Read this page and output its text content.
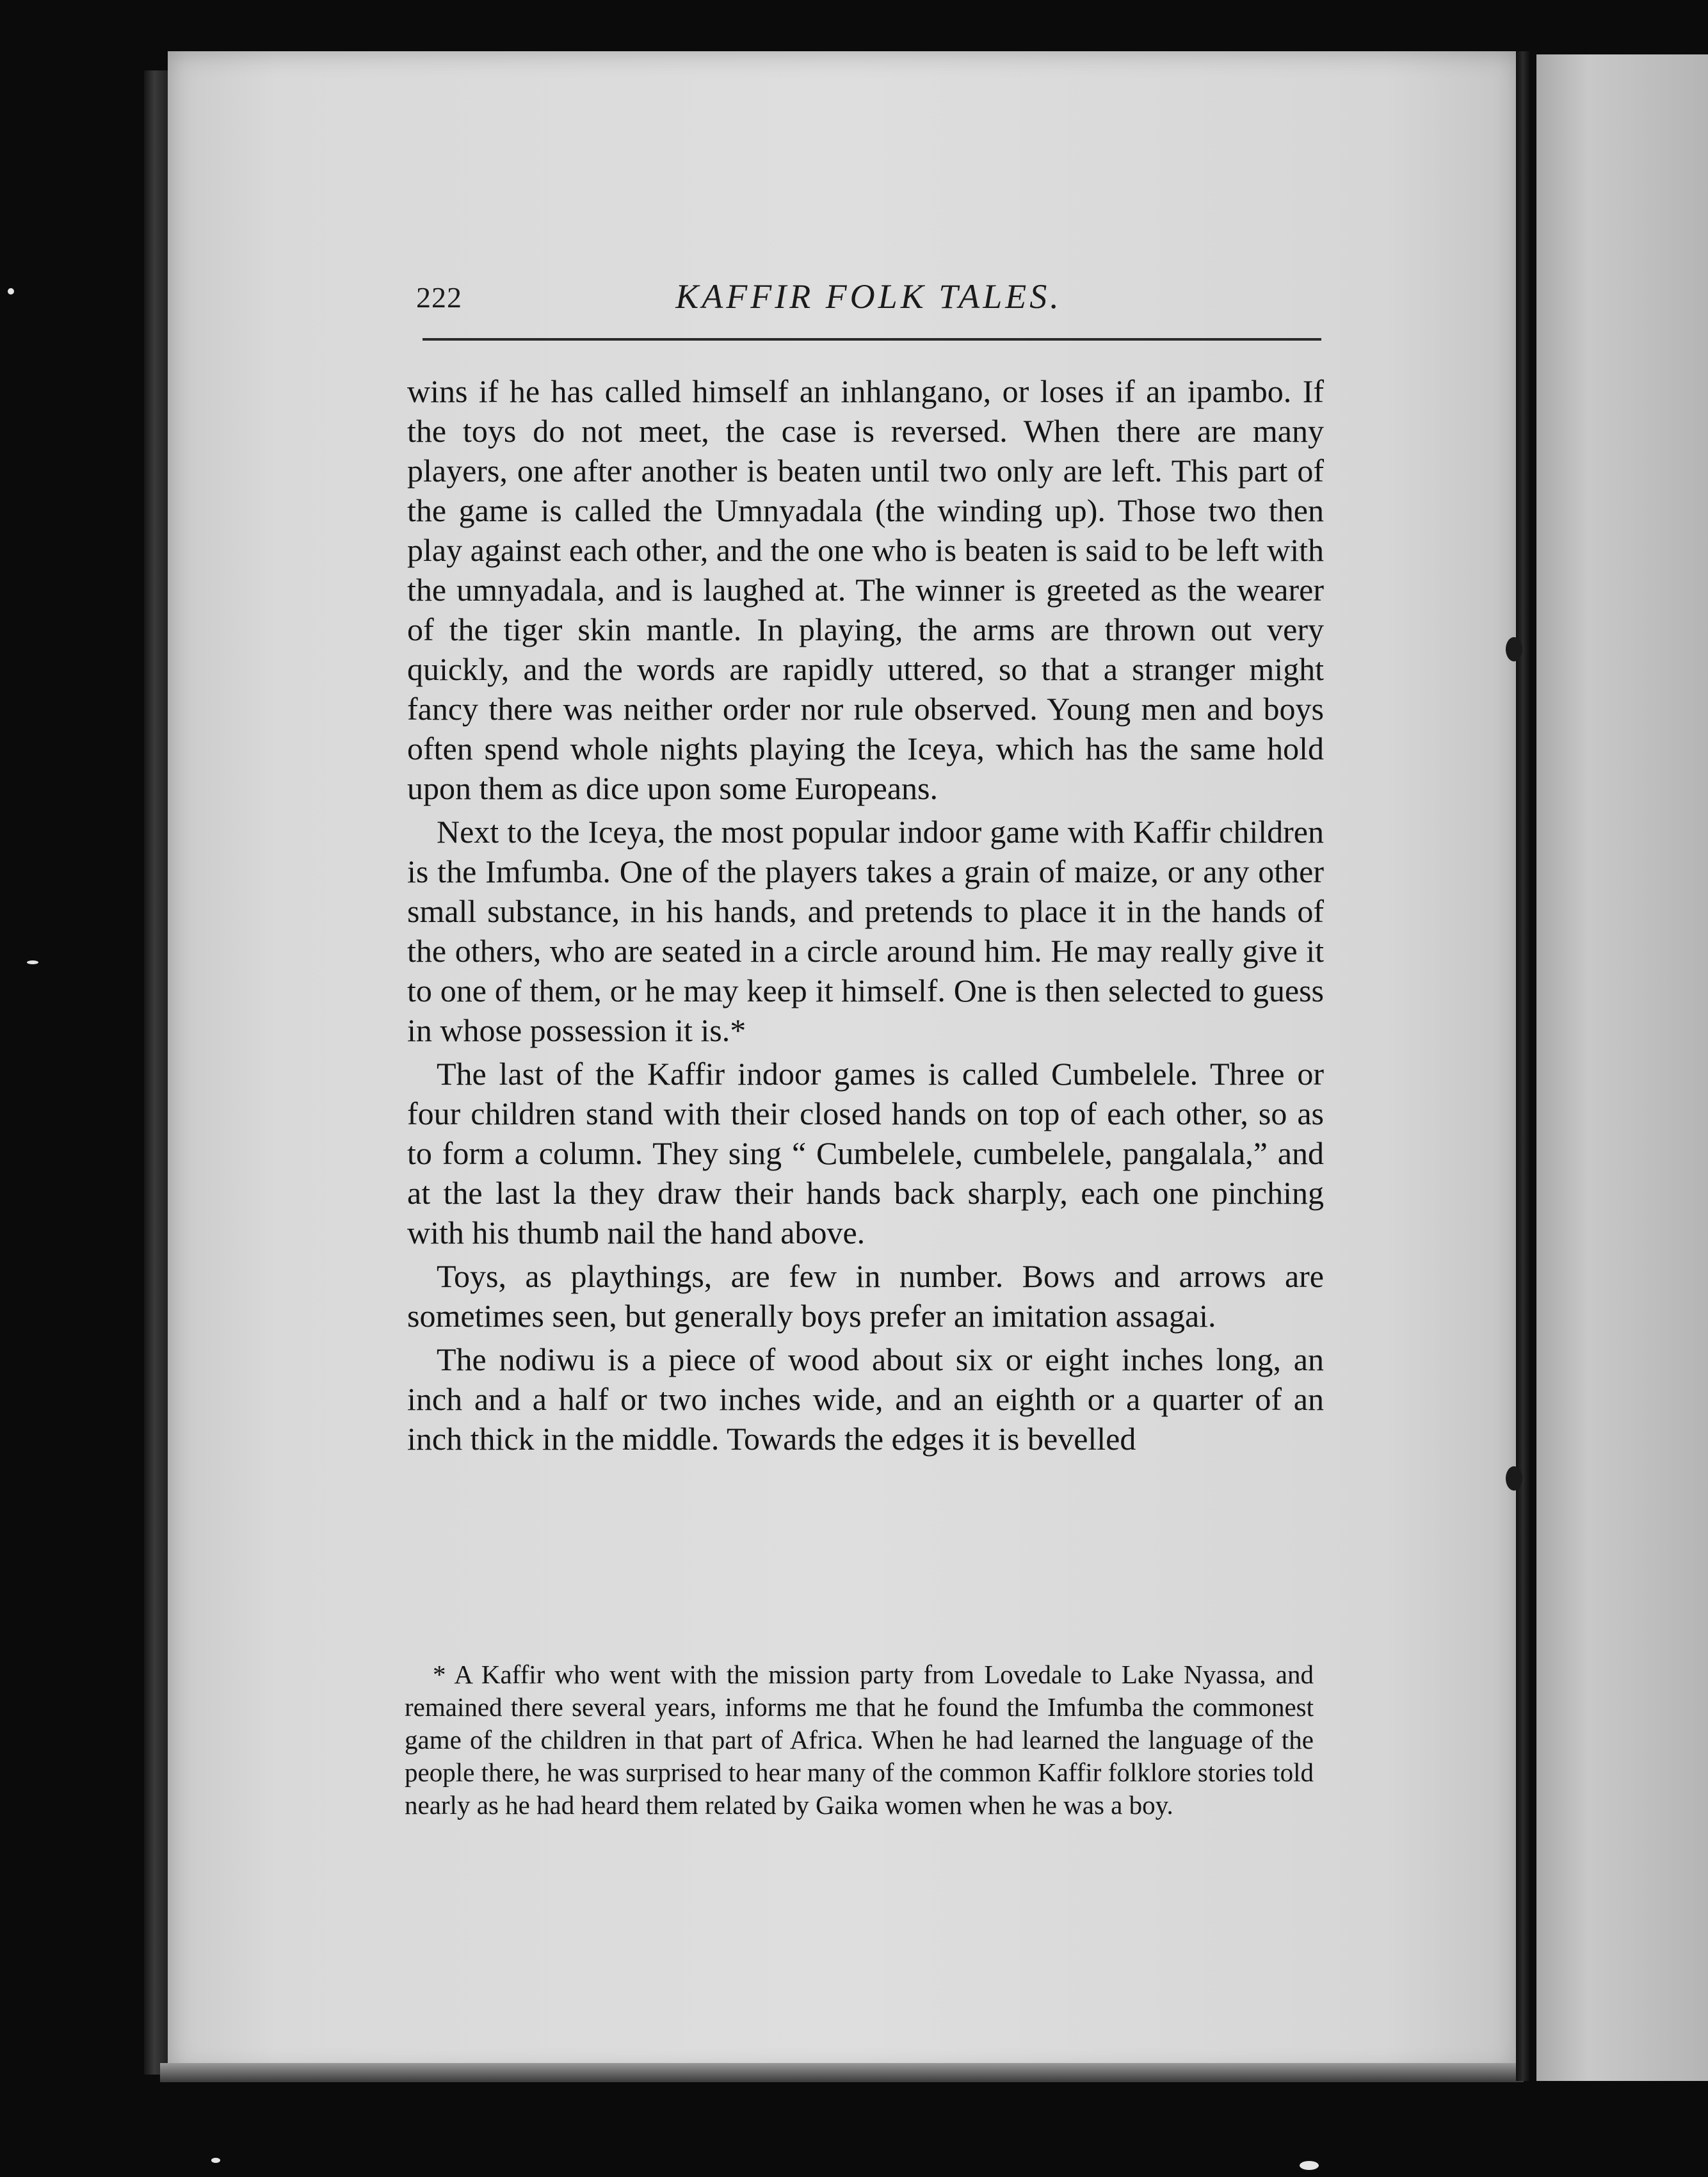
222	KAFFIR FOLK TALES.

wins if he has called himself an inhlangano, or loses if an ipambo. If the toys do not meet, the case is reversed. When there are many players, one after another is beaten until two only are left. This part of the game is called the Umnyadala (the winding up). Those two then play against each other, and the one who is beaten is said to be left with the umnyadala, and is laughed at. The winner is greeted as the wearer of the tiger skin mantle. In playing, the arms are thrown out very quickly, and the words are rapidly uttered, so that a stranger might fancy there was neither order nor rule observed. Young men and boys often spend whole nights playing the Iceya, which has the same hold upon them as dice upon some Europeans.

Next to the Iceya, the most popular indoor game with Kaffir children is the Imfumba. One of the players takes a grain of maize, or any other small substance, in his hands, and pretends to place it in the hands of the others, who are seated in a circle around him. He may really give it to one of them, or he may keep it himself. One is then selected to guess in whose possession it is.*

The last of the Kaffir indoor games is called Cumbelele. Three or four children stand with their closed hands on top of each other, so as to form a column. They sing “ Cumbelele, cumbelele, pangalala,” and at the last la they draw their hands back sharply, each one pinching with his thumb nail the hand above.

Toys, as playthings, are few in number. Bows and arrows are sometimes seen, but generally boys prefer an imitation assagai.

The nodiwu is a piece of wood about six or eight inches long, an inch and a half or two inches wide, and an eighth or a quarter of an inch thick in the middle. Towards the edges it is bevelled

* A Kaffir who went with the mission party from Lovedale to Lake Nyassa, and remained there several years, informs me that he found the Imfumba the commonest game of the children in that part of Africa. When he had learned the language of the people there, he was surprised to hear many of the common Kaffir folklore stories told nearly as he had heard them related by Gaika women when he was a boy.
